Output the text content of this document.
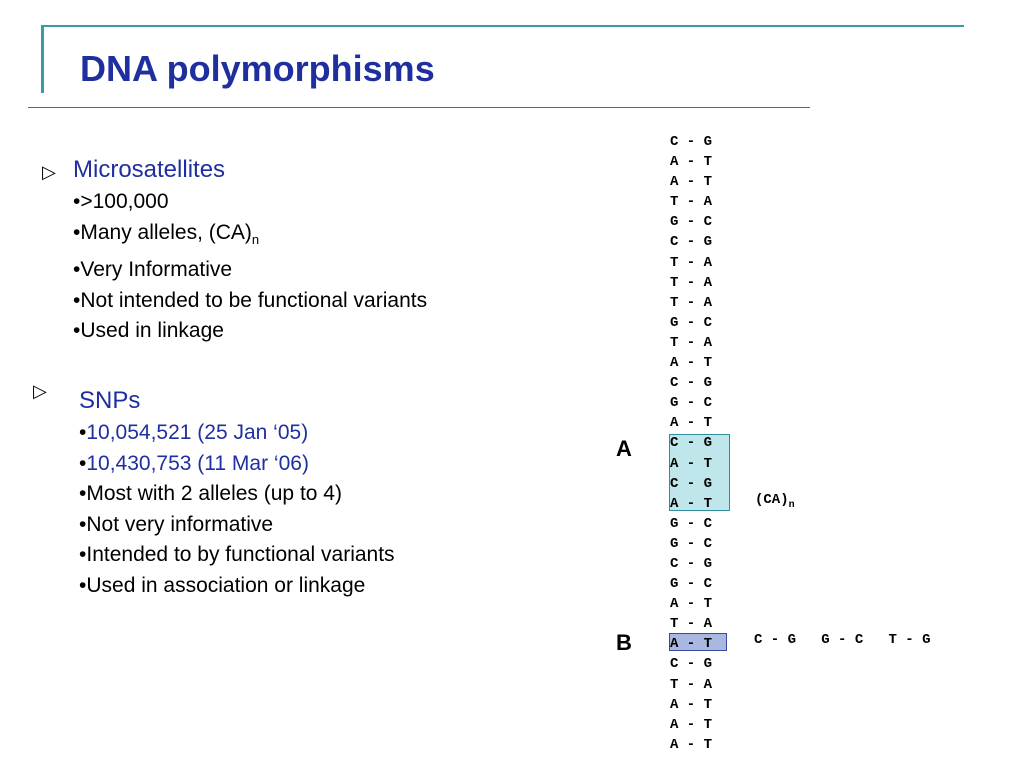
DNA polymorphisms
▷ Microsatellites
• >100,000
• Many alleles, $(CA)_n$
• Very Informative
• Not intended to be functional variants
• Used in linkage
▷ SNPs
• 10,054,521 (25 Jan ‘05)
• 10,430,753 (11 Mar ‘06)
• Most with 2 alleles (up to 4)
• Not very informative
• Intended to by functional variants
• Used in association or linkage
C - G
A - T
A - T
T - A
G - C
C - G
T - A
T - A
T - A
G - C
T - A
A - T
C - G
G - C
A - T
C - G
A - T
C - G
A - T
G - C
G - C
C - G
G - C
A - T
T - A
A - T
C - G
T - A
A - T
A - T
A - T
A
B
$(CA)_n$
C - G G - C T - G
